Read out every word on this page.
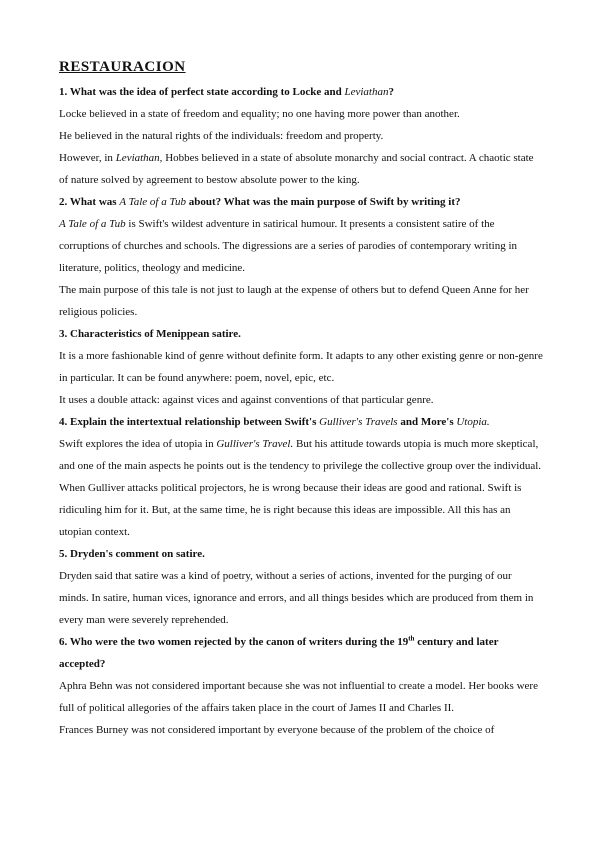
RESTAURACION

1. What was the idea of perfect state according to Locke and Leviathan?

Locke believed in a state of freedom and equality; no one having more power than another.

He believed in the natural rights of the individuals: freedom and property.

However, in Leviathan, Hobbes believed in a state of absolute monarchy and social contract. A chaotic state of nature solved by agreement to bestow absolute power to the king.

2. What was A Tale of a Tub about? What was the main purpose of Swift by writing it?

A Tale of a Tub is Swift's wildest adventure in satirical humour. It presents a consistent satire of the corruptions of churches and schools. The digressions are a series of parodies of contemporary writing in literature, politics, theology and medicine.

The main purpose of this tale is not just to laugh at the expense of others but to defend Queen Anne for her religious policies.

3. Characteristics of Menippean satire.

It is a more fashionable kind of genre without definite form. It adapts to any other existing genre or non-genre in particular. It can be found anywhere: poem, novel, epic, etc.

It uses a double attack: against vices and against conventions of that particular genre.

4. Explain the intertextual relationship between Swift's Gulliver's Travels and More's Utopia.

Swift explores the idea of utopia in Gulliver's Travel. But his attitude towards utopia is much more skeptical, and one of the main aspects he points out is the tendency to privilege the collective group over the individual.

When Gulliver attacks political projectors, he is wrong because their ideas are good and rational. Swift is ridiculing him for it. But, at the same time, he is right because this ideas are impossible. All this has an utopian context.

5. Dryden's comment on satire.

Dryden said that satire was a kind of poetry, without a series of actions, invented for the purging of our minds. In satire, human vices, ignorance and errors, and all things besides which are produced from them in every man were severely reprehended.

6. Who were the two women rejected by the canon of writers during the 19th century and later accepted?

Aphra Behn was not considered important because she was not influential to create a model. Her books were full of political allegories of the affairs taken place in the court of James II and Charles II.

Frances Burney was not considered important by everyone because of the problem of the choice of
